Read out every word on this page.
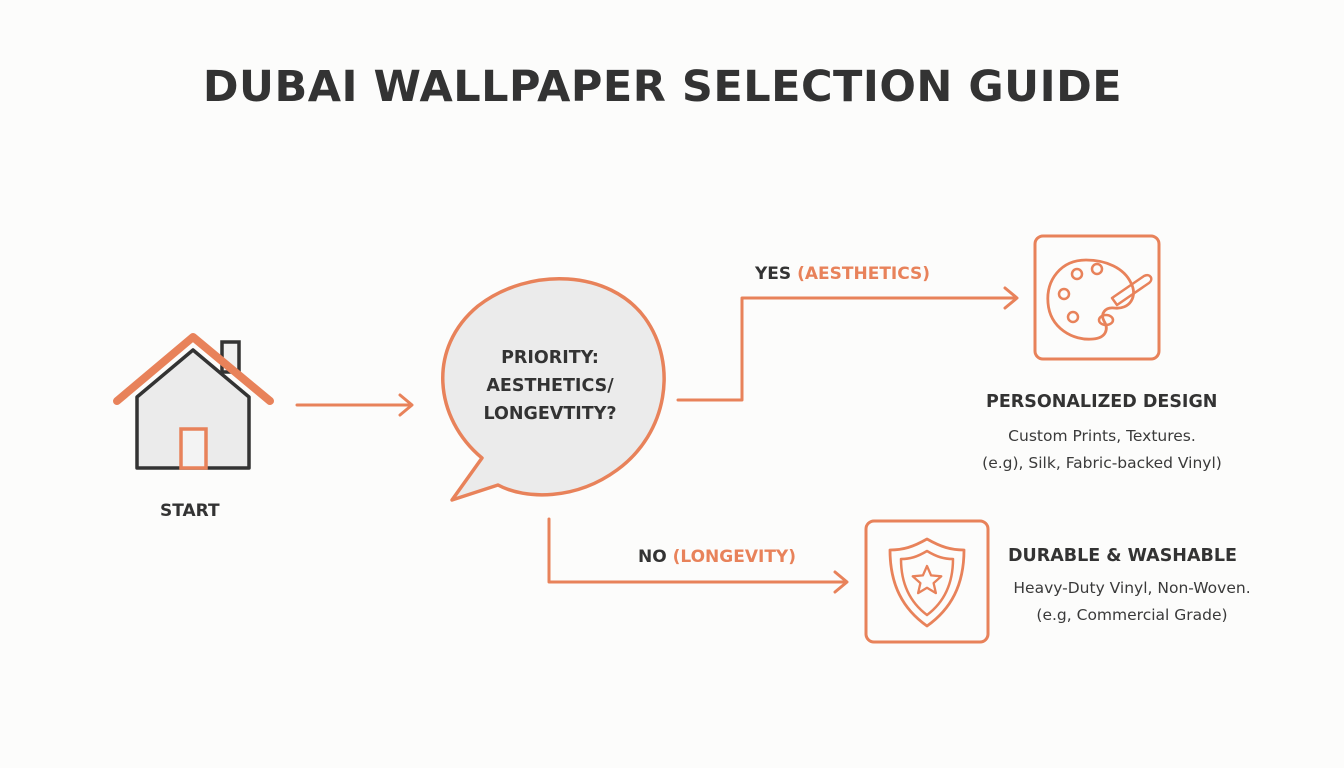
DUBAI WALLPAPER SELECTION GUIDE
START
PRIORITY:
AESTHETICS/
LONGEVTITY?
YES (AESTHETICS)
NO (LONGEVITY)
PERSONALIZED DESIGN
Custom Prints, Textures.
(e.g), Silk, Fabric-backed Vinyl)
DURABLE & WASHABLE
Heavy-Duty Vinyl, Non-Woven.
(e.g, Commercial Grade)
